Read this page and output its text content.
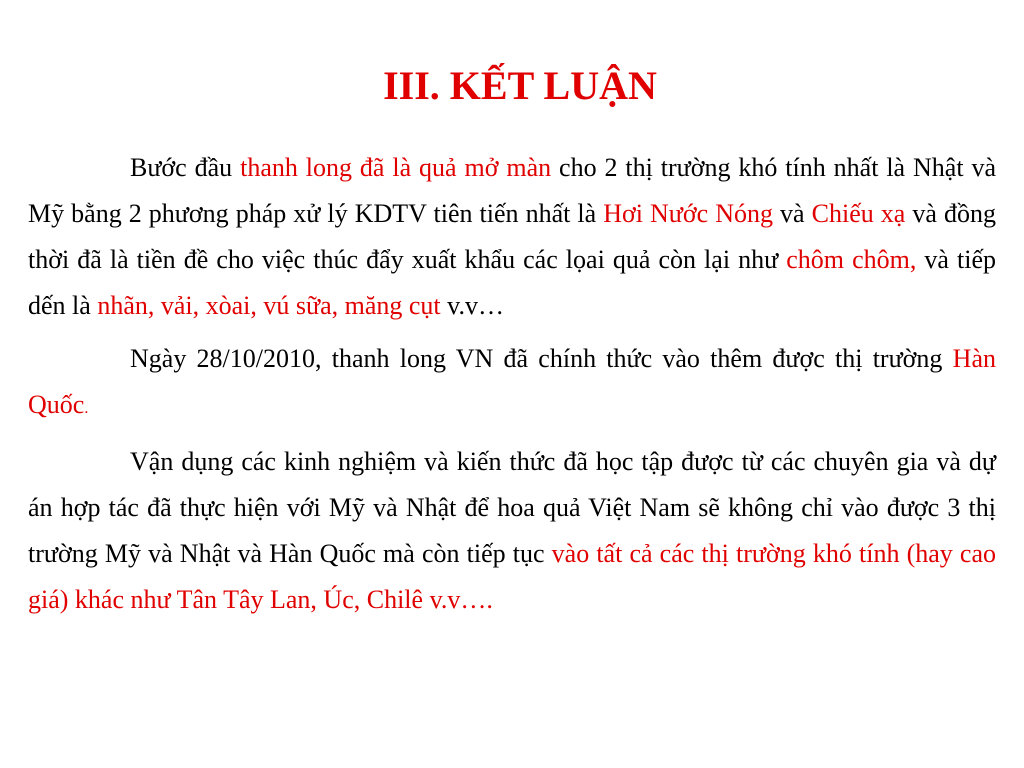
III. KẾT LUẬN

Bước đầu thanh long đã là quả mở màn cho 2 thị trường khó tính nhất là Nhật và Mỹ bằng 2 phương pháp xử lý KDTV tiên tiến nhất là Hơi Nước Nóng và Chiếu xạ và đồng thời đã là tiền đề cho việc thúc đẩy xuất khẩu các lọai quả còn lại như chôm chôm, và tiếp dến là nhãn, vải, xòai, vú sữa, măng cụt v.v…

Ngày 28/10/2010, thanh long VN đã chính thức vào thêm được thị trường Hàn Quốc.

Vận dụng các kinh nghiệm và kiến thức đã học tập được từ các chuyên gia và dự án hợp tác đã thực hiện với Mỹ và Nhật để hoa quả Việt Nam sẽ không chỉ vào được 3 thị trường Mỹ và Nhật và Hàn Quốc mà còn tiếp tục vào tất cả các thị trường khó tính (hay cao giá) khác như Tân Tây Lan, Úc, Chilê v.v….
